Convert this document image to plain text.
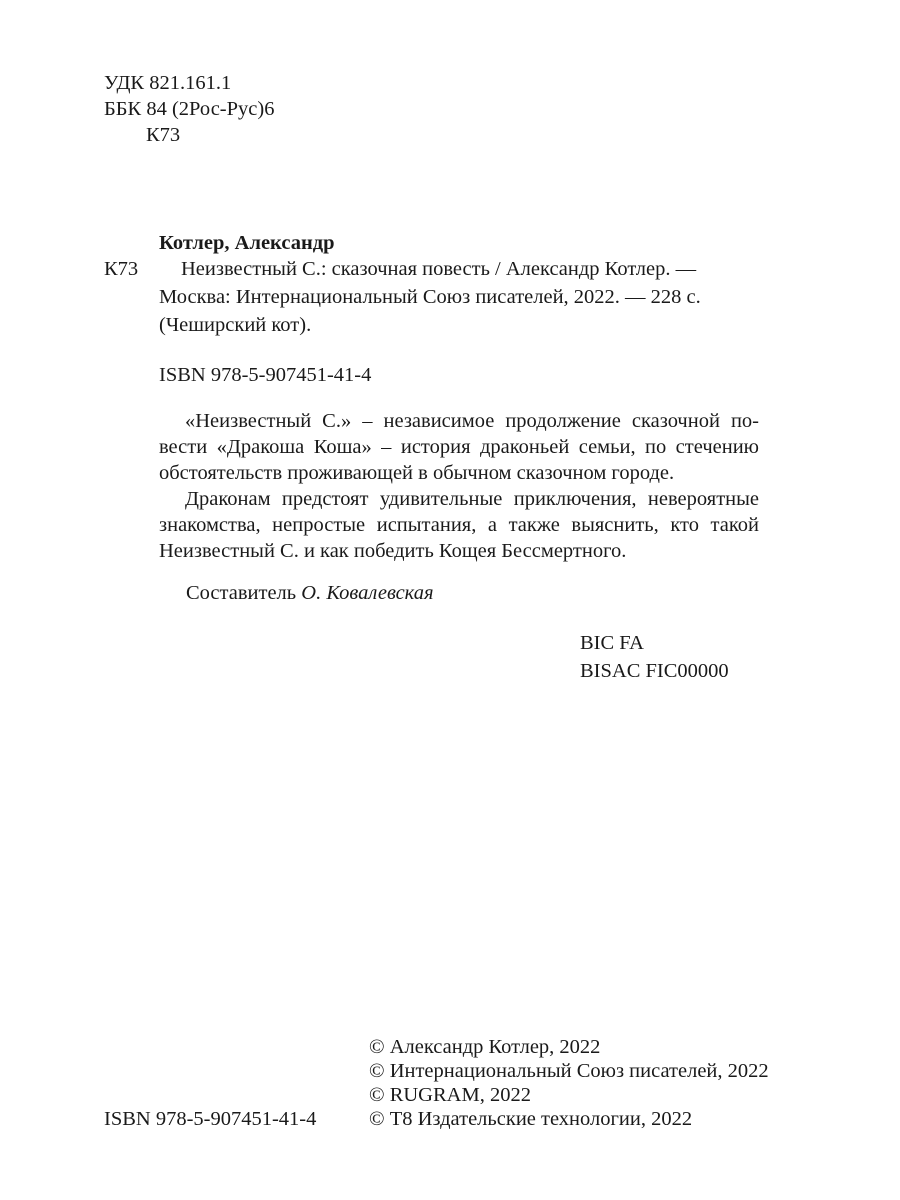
УДК 821.161.1
ББК 84 (2Рос-Рус)6
К73
Котлер, Александр
К73	Неизвестный С.: сказочная повесть / Александр Котлер. —
Москва: Интернациональный Союз писателей, 2022. — 228 с.
(Чеширский кот).
ISBN 978-5-907451-41-4
«Неизвестный С.» – независимое продолжение сказочной по-
вести «Дракоша Коша» – история драконьей семьи, по стечению
обстоятельств проживающей в обычном сказочном городе.
Драконам предстоят удивительные приключения, невероятные
знакомства, непростые испытания, а также выяснить, кто такой
Неизвестный С. и как победить Кощея Бессмертного.
Составитель О. Ковалевская
BIC FA
BISAC FIC00000
© Александр Котлер, 2022
© Интернациональный Союз писателей, 2022
© RUGRAM, 2022
© Т8 Издательские технологии, 2022
ISBN 978-5-907451-41-4
